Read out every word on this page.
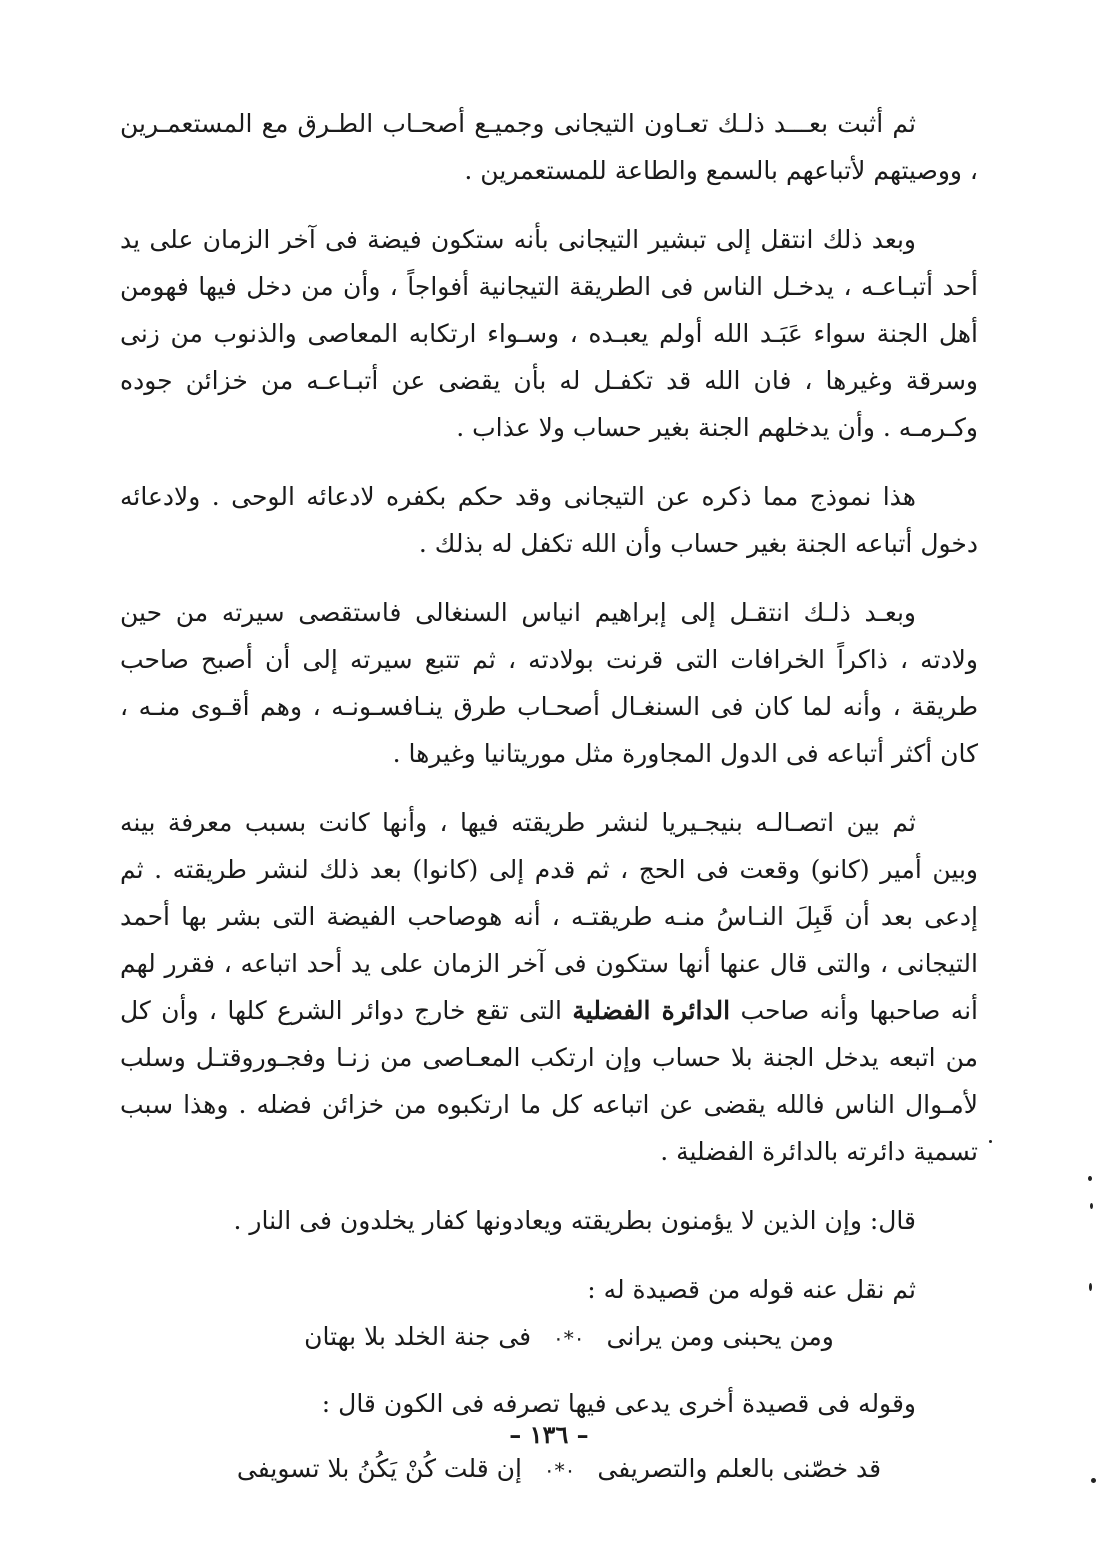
ثم أثبت بعـــد ذلـك تعـاون التيجانى وجميـع أصحـاب الطـرق مع المستعمـرين ، ووصيتهم لأتباعهم بالسمع والطاعة للمستعمرين .

وبعد ذلك انتقل إلى تبشير التيجانى بأنه ستكون فيضة فى آخر الزمان على يد أحد أتبـاعـه ، يدخـل الناس فى الطريقة التيجانية أفواجاً ، وأن من دخل فيها فهومن أهل الجنة سواء عَبَـد الله أولم يعبـده ، وسـواء ارتكابه المعاصى والذنوب من زنى وسرقة وغيرها ، فان الله قد تكفـل له بأن يقضى عن أتبـاعـه من خزائن جوده وكـرمـه . وأن يدخلهم الجنة بغير حساب ولا عذاب .

هذا نموذج مما ذكره عن التيجانى وقد حكم بكفره لادعائه الوحى . ولادعائه دخول أتباعه الجنة بغير حساب وأن الله تكفل له بذلك .

وبعـد ذلـك انتقـل إلى إبراهيم انياس السنغالى فاستقصى سيرته من حين ولادته ، ذاكراً الخرافات التى قرنت بولادته ، ثم تتبع سيرته إلى أن أصبح صاحب طريقة ، وأنه لما كان فى السنغـال أصحـاب طرق ينـافسـونـه ، وهم أقـوى منـه ، كان أكثر أتباعه فى الدول المجاورة مثل موريتانيا وغيرها .

ثم بين اتصـالـه بنيجـيريا لنشر طريقته فيها ، وأنها كانت بسبب معرفة بينه وبين أمير (كانو) وقعت فى الحج ، ثم قدم إلى (كانوا) بعد ذلك لنشر طريقته . ثم إدعى بعد أن قَبِلَ النـاسُ منـه طريقتـه ، أنه هوصاحب الفيضة التى بشر بها أحمد التيجانى ، والتى قال عنها أنها ستكون فى آخر الزمان على يد أحد اتباعه ، فقرر لهم أنه صاحبها وأنه صاحب الدائرة الفضلية التى تقع خارج دوائر الشرع كلها ، وأن كل من اتبعه يدخل الجنة بلا حساب وإن ارتكب المعـاصى من زنـا وفجـوروقتـل وسلب لأمـوال الناس فالله يقضى عن اتباعه كل ما ارتكبوه من خزائن فضله . وهذا سبب تسمية دائرته بالدائرة الفضلية .

قال: وإن الذين لا يؤمنون بطريقته ويعادونها كفار يخلدون فى النار .

ثم نقل عنه قوله من قصيدة له :

ومن يحبنى ومن يرانى ٠*٠ فى جنة الخلد بلا بهتان

وقوله فى قصيدة أخرى يدعى فيها تصرفه فى الكون قال :

قد خصّنى بالعلم والتصريفى ٠*٠ إن قلت كُنْ يَكُنُ بلا تسويفى

– ١٣٦ –
